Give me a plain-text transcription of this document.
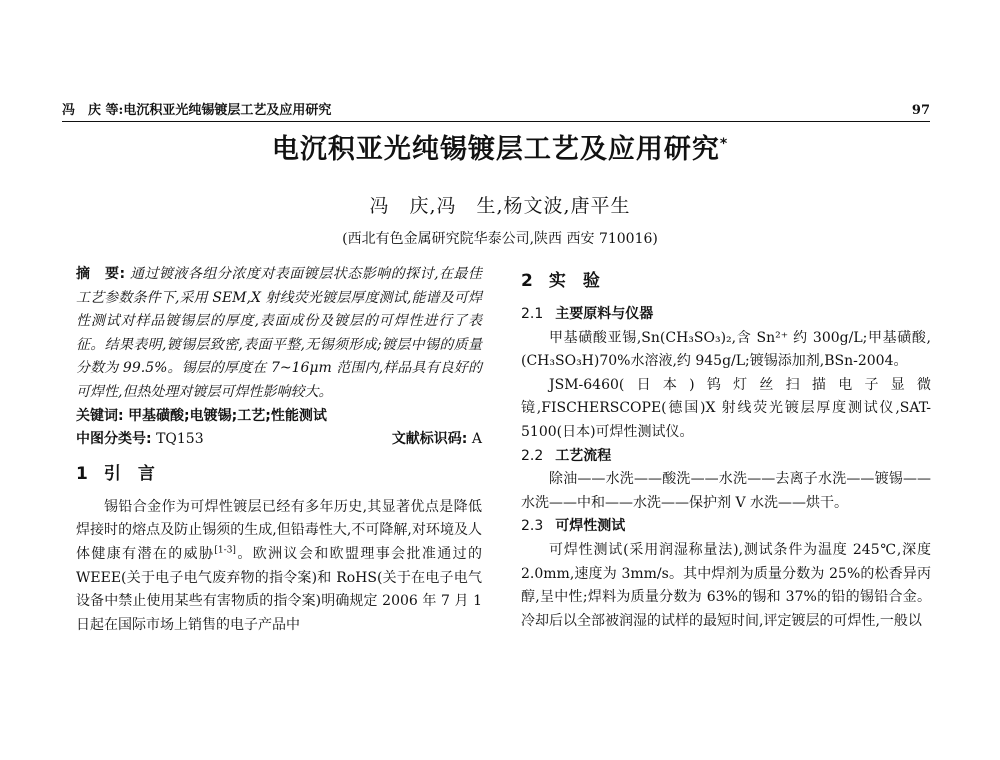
冯　庆 等:电沉积亚光纯锡镀层工艺及应用研究	97
电沉积亚光纯锡镀层工艺及应用研究*
冯　庆,冯　生,杨文波,唐平生
(西北有色金属研究院华泰公司,陕西 西安 710016)

摘　要: 通过镀液各组分浓度对表面镀层状态影响的探讨,在最佳工艺参数条件下,采用 SEM,X 射线荧光镀层厚度测试,能谱及可焊性测试对样品镀锡层的厚度,表面成份及镀层的可焊性进行了表征。结果表明,镀锡层致密,表面平整,无锡须形成;镀层中锡的质量分数为 99.5%。锡层的厚度在 7~16μm 范围内,样品具有良好的可焊性,但热处理对镀层可焊性影响较大。

关键词: 甲基磺酸;电镀锡;工艺;性能测试

中图分类号: TQ153	文献标识码: A
1 引　言

锡铅合金作为可焊性镀层已经有多年历史,其显著优点是降低焊接时的熔点及防止锡须的生成,但铅毒性大,不可降解,对环境及人体健康有潜在的威胁[1-3]。欧洲议会和欧盟理事会批准通过的 WEEE(关于电子电气废弃物的指令案)和 RoHS(关于在电子电气设备中禁止使用某些有害物质的指令案)明确规定 2006 年 7 月 1 日起在国际市场上销售的电子产品中

2 实　验
2.1 主要原料与仪器

甲基磺酸亚锡,Sn(CH₃SO₃)₂,含 Sn²⁺ 约 300g/L;甲基磺酸,(CH₃SO₃H)70%水溶液,约 945g/L;镀锡添加剂,BSn-2004。

JSM-6460(日本)钨灯丝扫描电子显微镜,FISCHERSCOPE(德国)X 射线荧光镀层厚度测试仪,SAT-5100(日本)可焊性测试仪。

2.2 工艺流程

除油——水洗——酸洗——水洗——去离子水洗——镀锡——水洗——中和——水洗——保护剂 V 水洗——烘干。

2.3 可焊性测试

可焊性测试(采用润湿称量法),测试条件为温度 245℃,深度 2.0mm,速度为 3mm/s。其中焊剂为质量分数为 25%的松香异丙醇,呈中性;焊料为质量分数为 63%的锡和 37%的铅的锡铅合金。冷却后以全部被润湿的试样的最短时间,评定镀层的可焊性,一般以
